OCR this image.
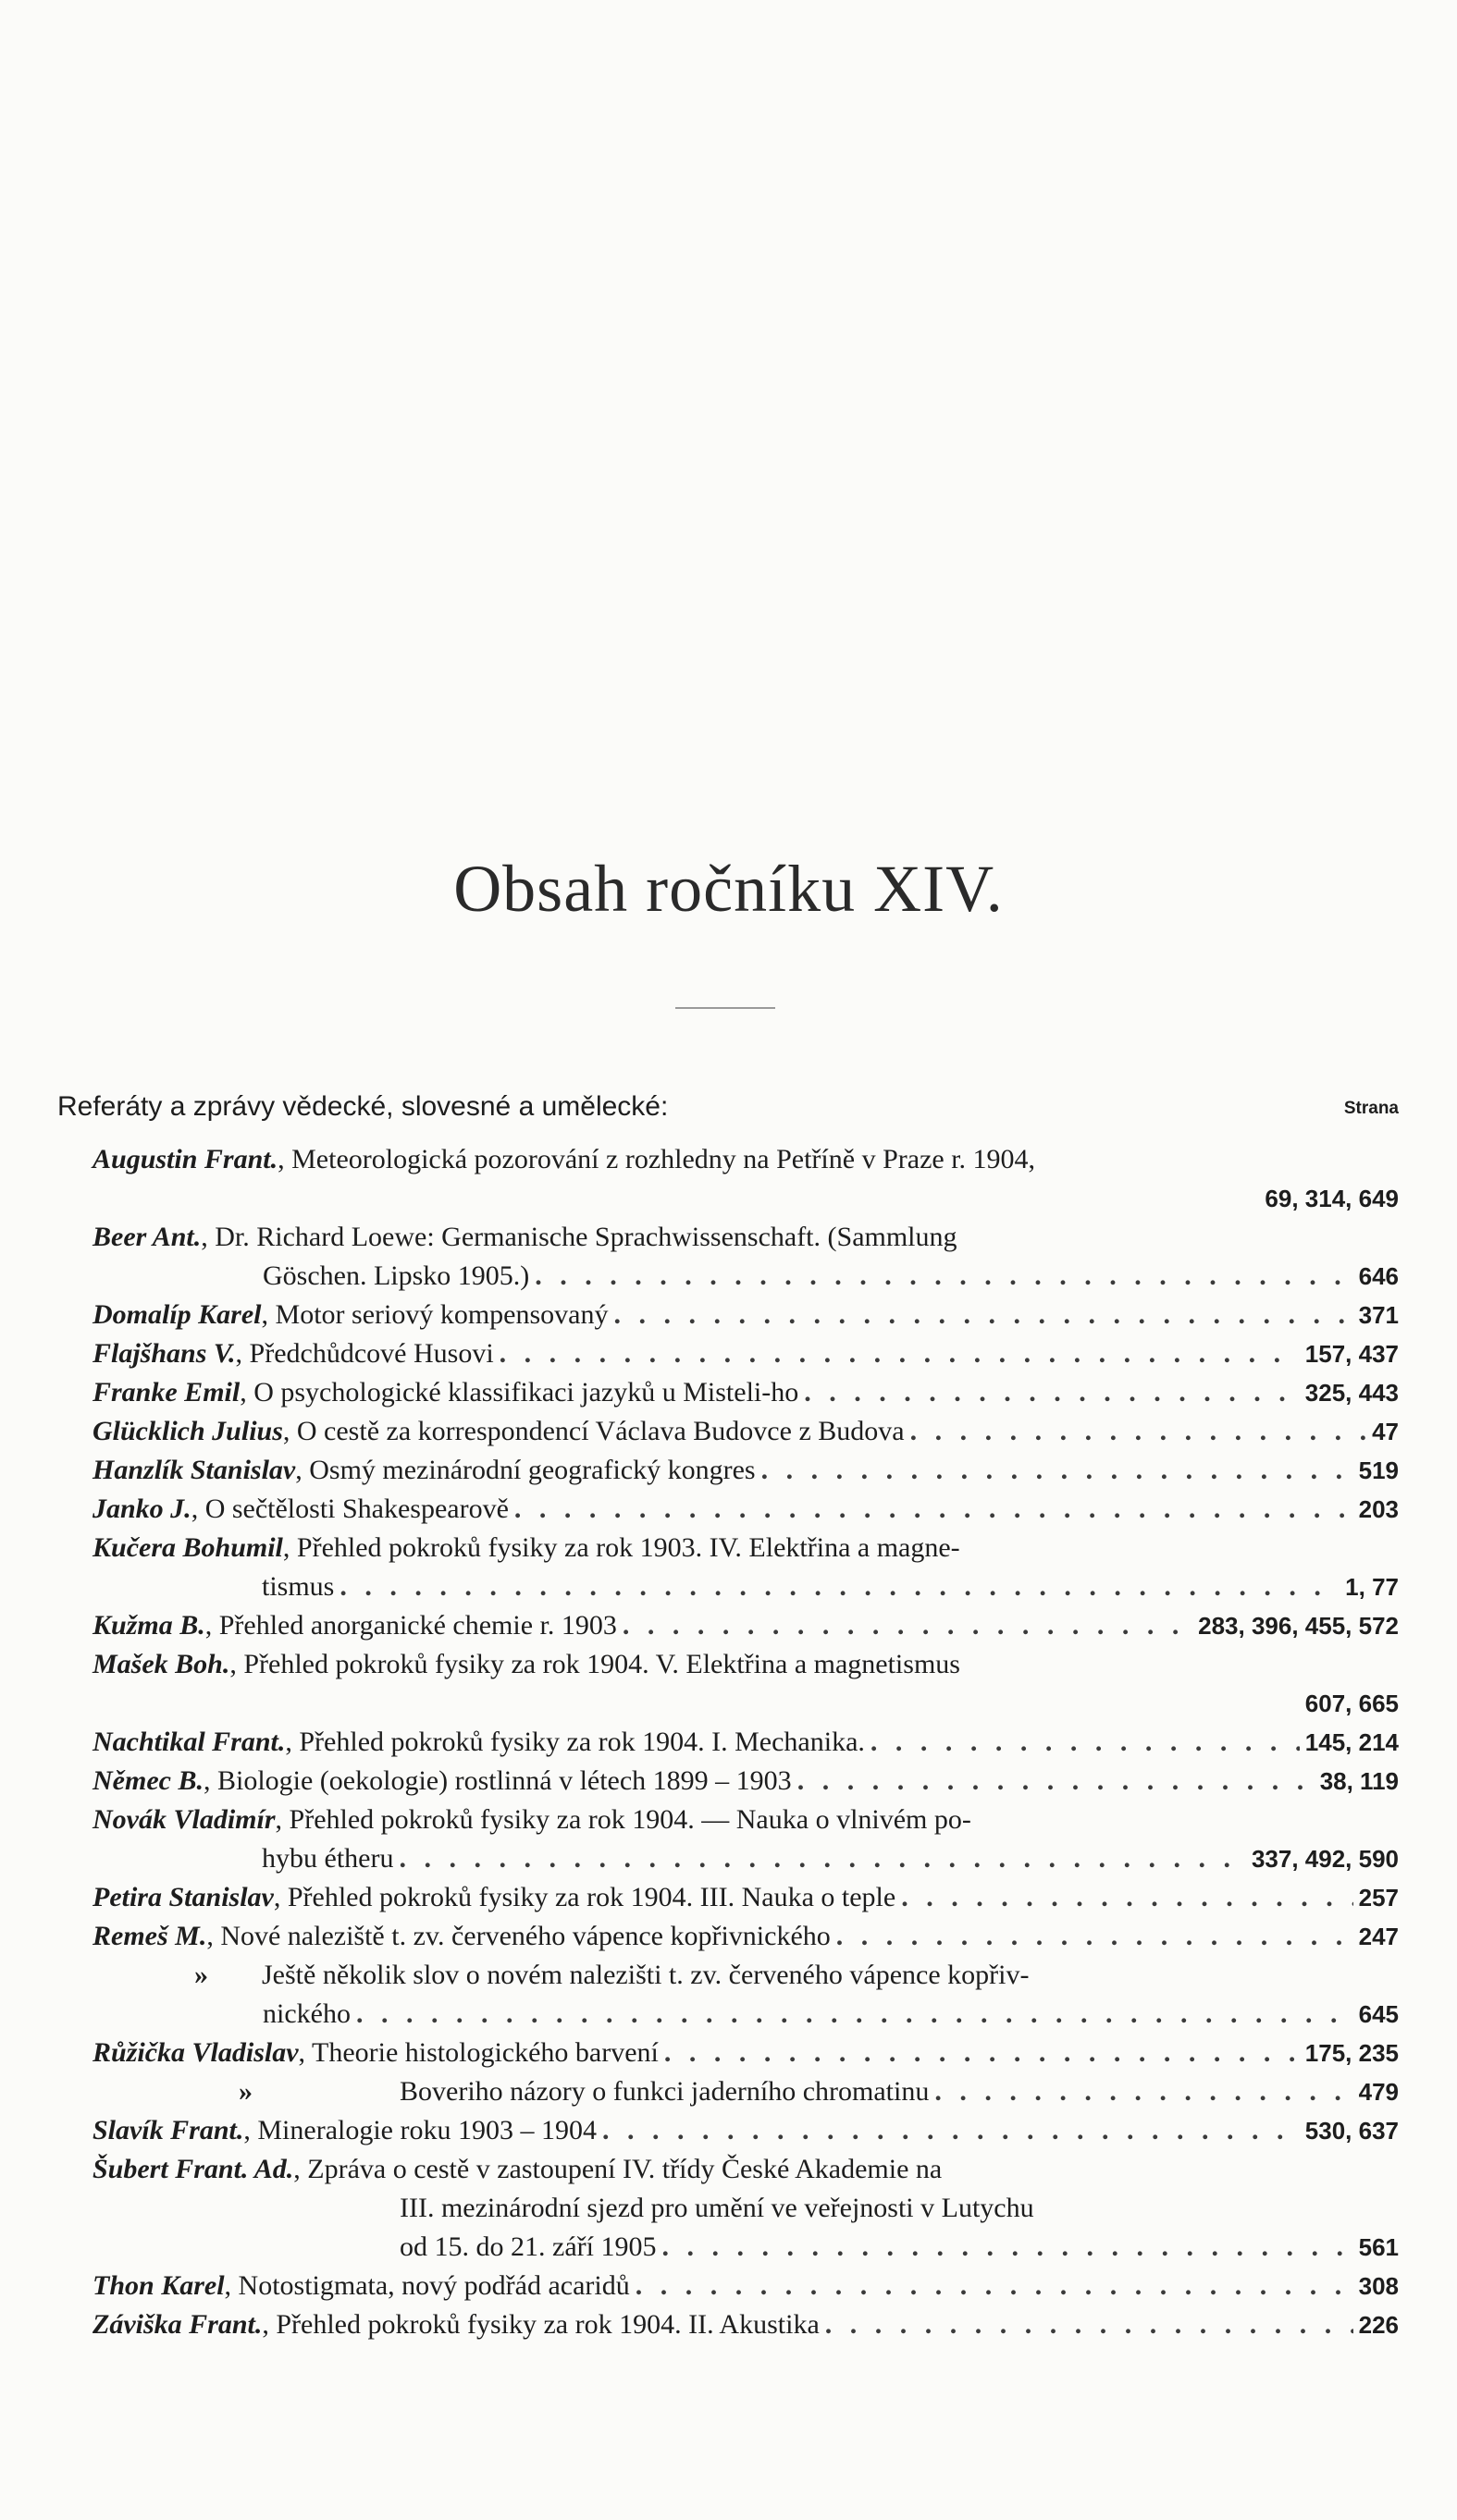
Obsah ročníku XIV.
Referáty a zprávy vědecké, slovesné a umělecké:	Strana
Augustin Frant., Meteorologická pozorování z rozhledny na Petříně v Praze r. 1904,
69, 314, 649
Beer Ant., Dr. Richard Loewe: Germanische Sprachwissenschaft. (Sammlung
Göschen. Lipsko 1905.) . . .	646
Domalíp Karel, Motor seriový kompensovaný . . .	371
Flajšhans V., Předchůdcové Husovi . . .	157, 437
Franke Emil, O psychologické klassifikaci jazyků u Misteli-ho . . .	325, 443
Glücklich Julius, O cestě za korrespondencí Václava Budovce z Budova . . .	47
Hanzlík Stanislav, Osmý mezinárodní geografický kongres . . .	519
Janko J., O sečtělosti Shakespearově . . .	203
Kučera Bohumil, Přehled pokroků fysiky za rok 1903. IV. Elektřina a magne-
tismus . . .	1, 77
Kužma B., Přehled anorganické chemie r. 1903 . . .	283, 396, 455, 572
Mašek Boh., Přehled pokroků fysiky za rok 1904. V. Elektřina a magnetismus
607, 665
Nachtikal Frant., Přehled pokroků fysiky za rok 1904. I. Mechanika. . . .	145, 214
Němec B., Biologie (oekologie) rostlinná v létech 1899 – 1903 . . .	38, 119
Novák Vladimír, Přehled pokroků fysiky za rok 1904. — Nauka o vlnivém po-
hybu étheru . . .	337, 492, 590
Petira Stanislav, Přehled pokroků fysiky za rok 1904. III. Nauka o teple . . .	257
Remeš M., Nové naleziště t. zv. červeného vápence kopřivnického . . .	247
»	Ještě několik slov o novém nalezišti t. zv. červeného vápence kopřiv-
nického . . .	645
Růžička Vladislav, Theorie histologického barvení . . .	175, 235
»	Boveriho názory o funkci jaderního chromatinu . . .	479
Slavík Frant., Mineralogie roku 1903 – 1904 . . .	530, 637
Šubert Frant. Ad., Zpráva o cestě v zastoupení IV. třídy České Akademie na
III. mezinárodní sjezd pro umění ve veřejnosti v Lutychu
od 15. do 21. září 1905 . . .	561
Thon Karel, Notostigmata, nový podřád acaridů . . .	308
Záviška Frant., Přehled pokroků fysiky za rok 1904. II. Akustika . . .	226
